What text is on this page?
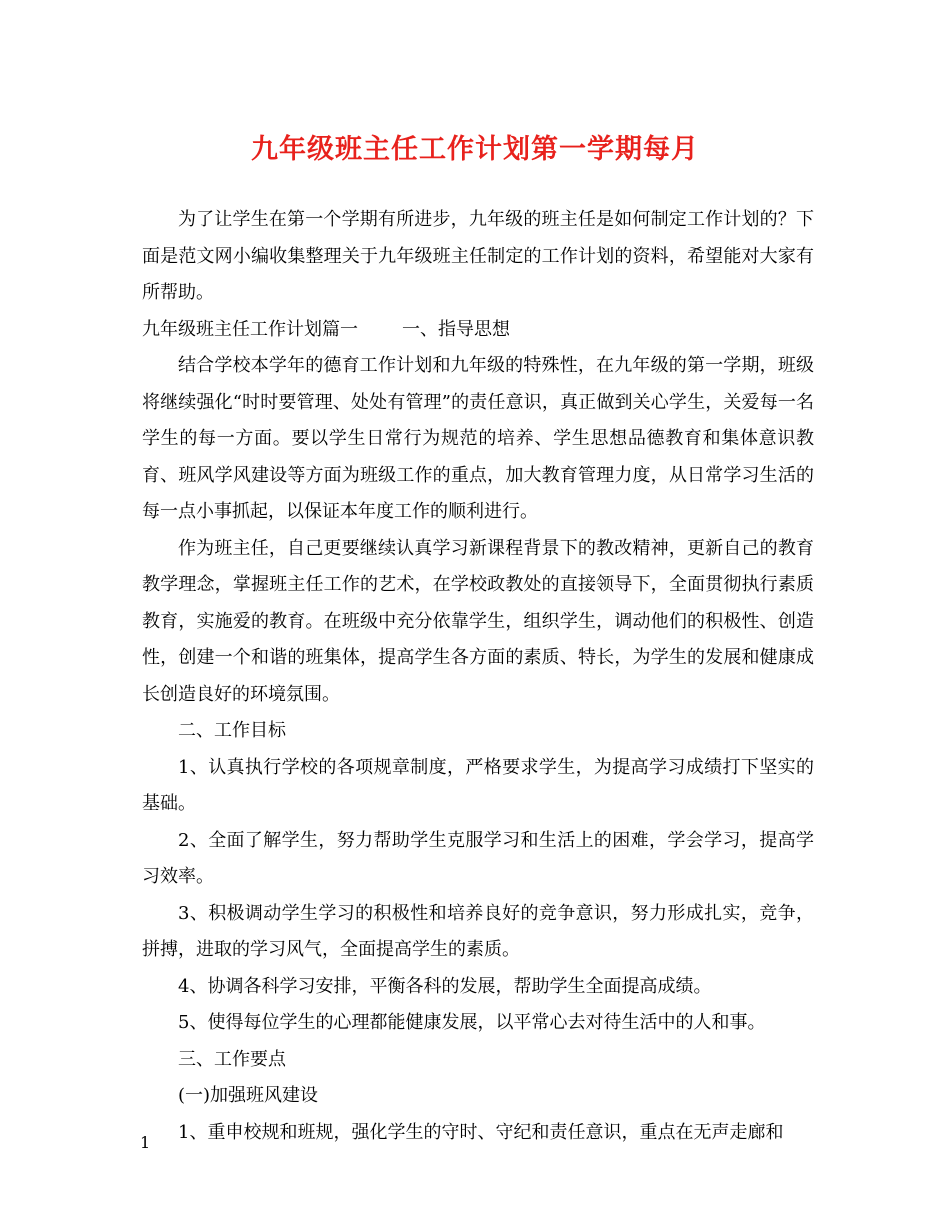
九年级班主任工作计划第一学期每月

为了让学生在第一个学期有所进步，九年级的班主任是如何制定工作计划的？下面是范文网小编收集整理关于九年级班主任制定的工作计划的资料，希望能对大家有所帮助。

九年级班主任工作计划篇一 一、指导思想

结合学校本学年的德育工作计划和九年级的特殊性，在九年级的第一学期，班级将继续强化“时时要管理、处处有管理”的责任意识，真正做到关心学生，关爱每一名学生的每一方面。要以学生日常行为规范的培养、学生思想品德教育和集体意识教育、班风学风建设等方面为班级工作的重点，加大教育管理力度，从日常学习生活的每一点小事抓起，以保证本年度工作的顺利进行。

作为班主任，自己更要继续认真学习新课程背景下的教改精神，更新自己的教育教学理念，掌握班主任工作的艺术，在学校政教处的直接领导下，全面贯彻执行素质教育，实施爱的教育。在班级中充分依靠学生，组织学生，调动他们的积极性、创造性，创建一个和谐的班集体，提高学生各方面的素质、特长，为学生的发展和健康成长创造良好的环境氛围。

二、工作目标

1、认真执行学校的各项规章制度，严格要求学生，为提高学习成绩打下坚实的基础。

2、全面了解学生，努力帮助学生克服学习和生活上的困难，学会学习，提高学习效率。

3、积极调动学生学习的积极性和培养良好的竞争意识，努力形成扎实，竞争，拼搏，进取的学习风气，全面提高学生的素质。

4、协调各科学习安排，平衡各科的发展，帮助学生全面提高成绩。

5、使得每位学生的心理都能健康发展，以平常心去对待生活中的人和事。

三、工作要点

(一)加强班风建设

1、重申校规和班规，强化学生的守时、守纪和责任意识，重点在无声走廊和

1
